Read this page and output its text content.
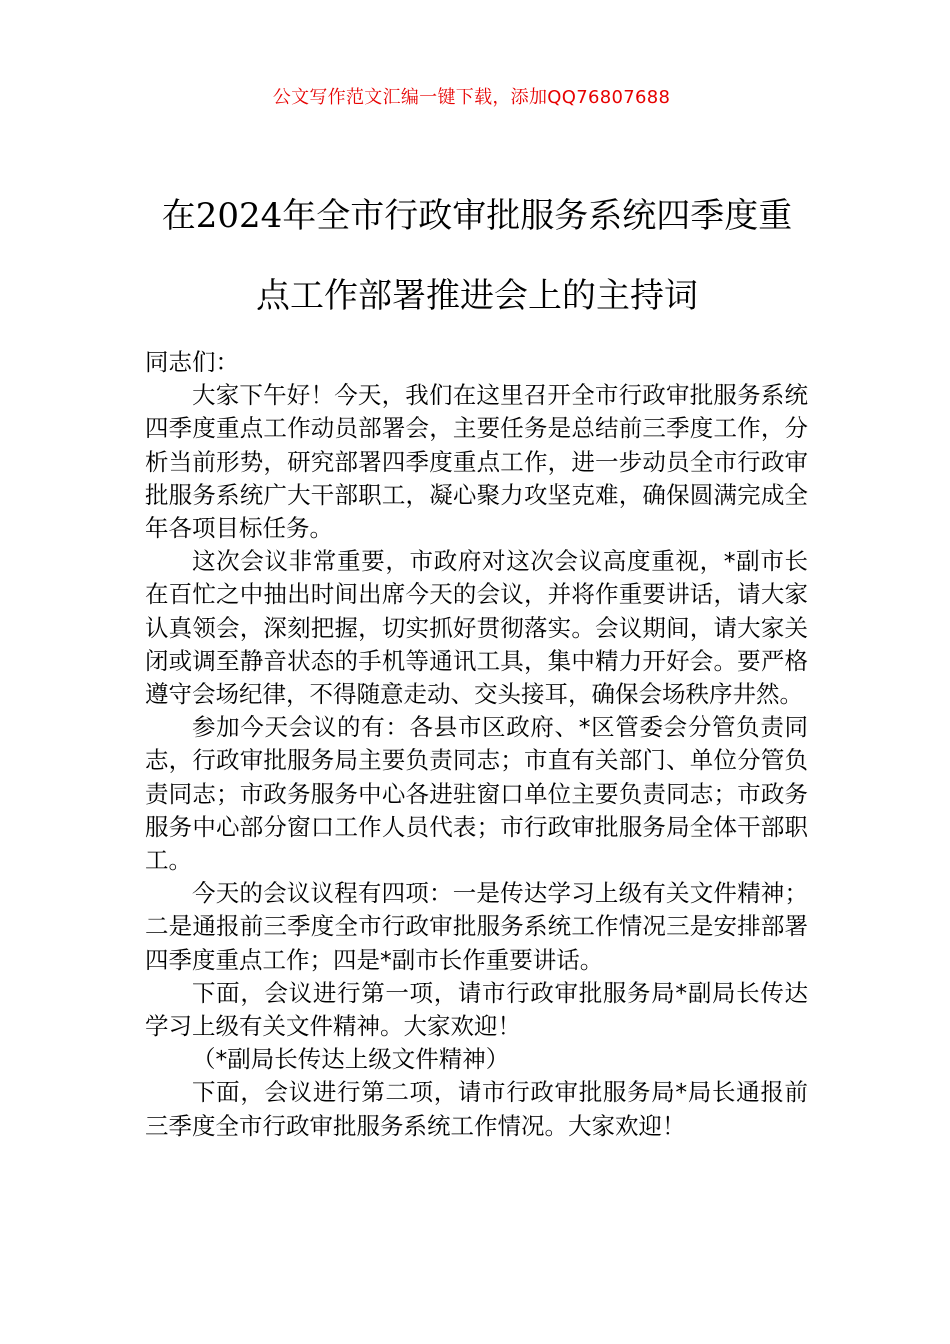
公文写作范文汇编一键下载，添加QQ76807688

在2024年全市行政审批服务系统四季度重
点工作部署推进会上的主持词

同志们：

大家下午好！今天，我们在这里召开全市行政审批服务系统四季度重点工作动员部署会，主要任务是总结前三季度工作，分析当前形势，研究部署四季度重点工作，进一步动员全市行政审批服务系统广大干部职工，凝心聚力攻坚克难，确保圆满完成全年各项目标任务。

这次会议非常重要，市政府对这次会议高度重视，*副市长在百忙之中抽出时间出席今天的会议，并将作重要讲话，请大家认真领会，深刻把握，切实抓好贯彻落实。会议期间，请大家关闭或调至静音状态的手机等通讯工具，集中精力开好会。要严格遵守会场纪律，不得随意走动、交头接耳，确保会场秩序井然。

参加今天会议的有：各县市区政府、*区管委会分管负责同志，行政审批服务局主要负责同志；市直有关部门、单位分管负责同志；市政务服务中心各进驻窗口单位主要负责同志；市政务服务中心部分窗口工作人员代表；市行政审批服务局全体干部职工。

今天的会议议程有四项：一是传达学习上级有关文件精神；二是通报前三季度全市行政审批服务系统工作情况三是安排部署四季度重点工作；四是*副市长作重要讲话。

下面，会议进行第一项，请市行政审批服务局*副局长传达学习上级有关文件精神。大家欢迎！

（*副局长传达上级文件精神）

下面，会议进行第二项，请市行政审批服务局*局长通报前三季度全市行政审批服务系统工作情况。大家欢迎！
